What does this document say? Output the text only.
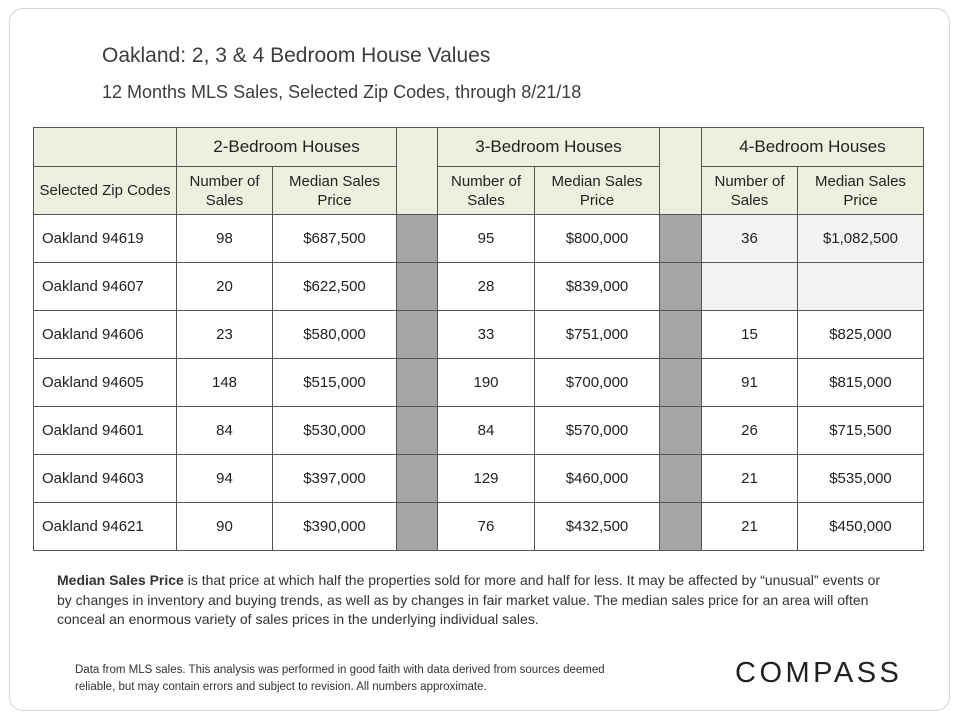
Oakland: 2, 3 & 4 Bedroom House Values
12 Months MLS Sales, Selected Zip Codes, through 8/21/18
	2-Bedroom Houses			3-Bedroom Houses			4-Bedroom Houses	
Selected Zip Codes	Number of Sales	Median Sales Price		Number of Sales	Median Sales Price		Number of Sales	Median Sales Price
Oakland 94619	98	$687,500		95	$800,000		36	$1,082,500
Oakland 94607	20	$622,500		28	$839,000			
Oakland 94606	23	$580,000		33	$751,000		15	$825,000
Oakland 94605	148	$515,000		190	$700,000		91	$815,000
Oakland 94601	84	$530,000		84	$570,000		26	$715,500
Oakland 94603	94	$397,000		129	$460,000		21	$535,000
Oakland 94621	90	$390,000		76	$432,500		21	$450,000

Median Sales Price is that price at which half the properties sold for more and half for less. It may be affected by “unusual” events or by changes in inventory and buying trends, as well as by changes in fair market value. The median sales price for an area will often conceal an enormous variety of sales prices in the underlying individual sales.

Data from MLS sales. This analysis was performed in good faith with data derived from sources deemed reliable, but may contain errors and subject to revision. All numbers approximate.	COMPASS
